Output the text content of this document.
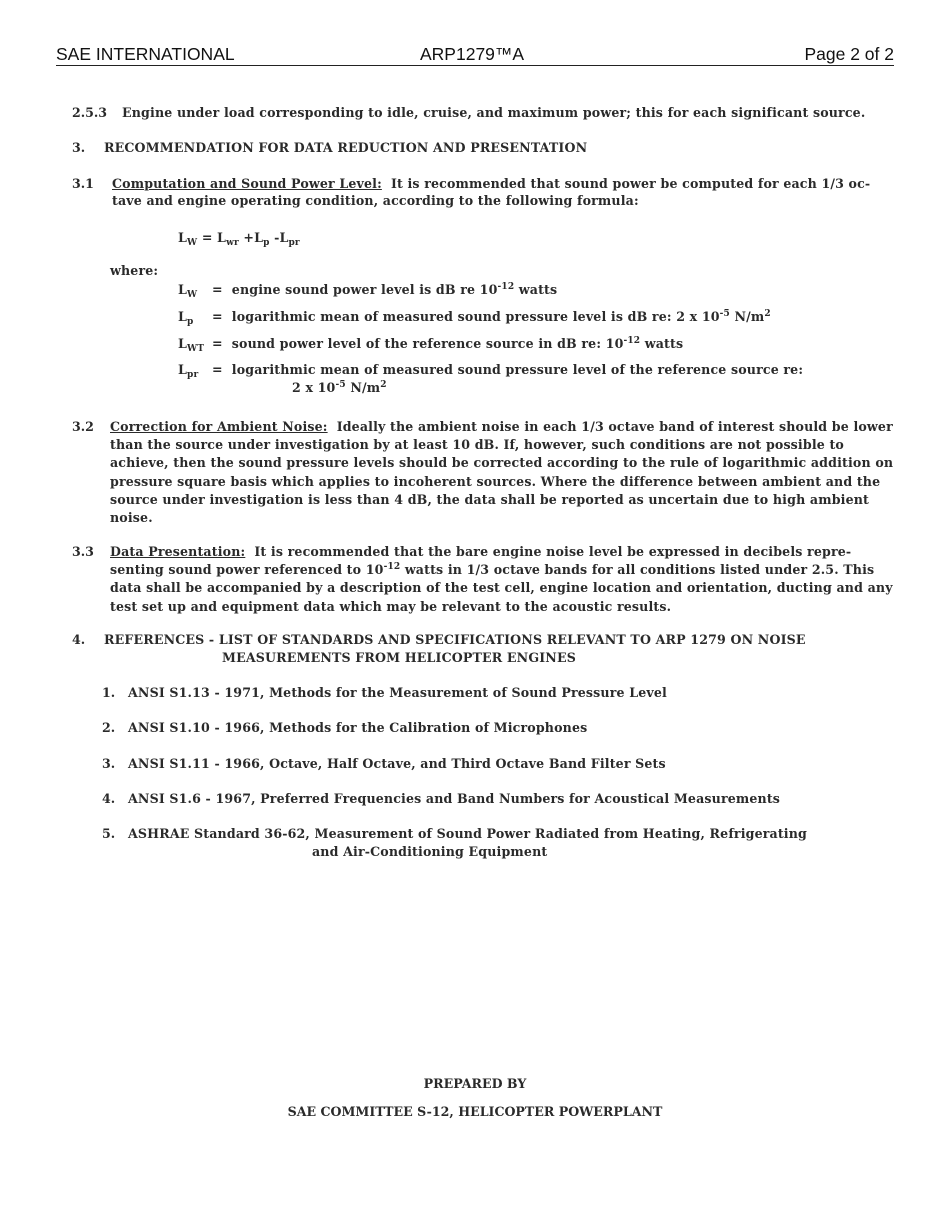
SAE INTERNATIONAL	ARP1279™A	Page 2 of 2
2.5.3 Engine under load corresponding to idle, cruise, and maximum power; this for each significant source.
3. RECOMMENDATION FOR DATA REDUCTION AND PRESENTATION
3.1 Computation and Sound Power Level: It is recommended that sound power be computed for each 1/3 oc-
tave and engine operating condition, according to the following formula:
$L_W = L_{wr} +L_p$ $-L_{pr}$
where:
$L_W$ = engine sound power level is dB re $10^{-12}$ watts
$L_p$ = logarithmic mean of measured sound pressure level is dB re: 2 x $10^{-5}$ $N/m^2$
$L_{WT}$ = sound power level of the reference source in dB re: $10^{-12}$ watts
$L_{pr}$ = logarithmic mean of measured sound pressure level of the reference source re:
2 x $10^{-5}$ $N/m^2$
3.2 Correction for Ambient Noise: Ideally the ambient noise in each 1/3 octave band of interest should be lower
than the source under investigation by at least 10 dB. If, however, such conditions are not possible to
achieve, then the sound pressure levels should be corrected according to the rule of logarithmic addition on
pressure square basis which applies to incoherent sources. Where the difference between ambient and the
source under investigation is less than 4 dB, the data shall be reported as uncertain due to high ambient
noise.
3.3 Data Presentation: It is recommended that the bare engine noise level be expressed in decibels repre-
senting sound power referenced to $10^{-12}$ watts in 1/3 octave bands for all conditions listed under 2.5. This
data shall be accompanied by a description of the test cell, engine location and orientation, ducting and any
test set up and equipment data which may be relevant to the acoustic results.
4. REFERENCES - LIST OF STANDARDS AND SPECIFICATIONS RELEVANT TO ARP 1279 ON NOISE
MEASUREMENTS FROM HELICOPTER ENGINES
1. ANSI S1.13 - 1971, Methods for the Measurement of Sound Pressure Level
2. ANSI S1.10 - 1966, Methods for the Calibration of Microphones
3. ANSI S1.11 - 1966, Octave, Half Octave, and Third Octave Band Filter Sets
4. ANSI S1.6 - 1967, Preferred Frequencies and Band Numbers for Acoustical Measurements
5. ASHRAE Standard 36-62, Measurement of Sound Power Radiated from Heating, Refrigerating
and Air-Conditioning Equipment
PREPARED BY
SAE COMMITTEE S-12, HELICOPTER POWERPLANT
